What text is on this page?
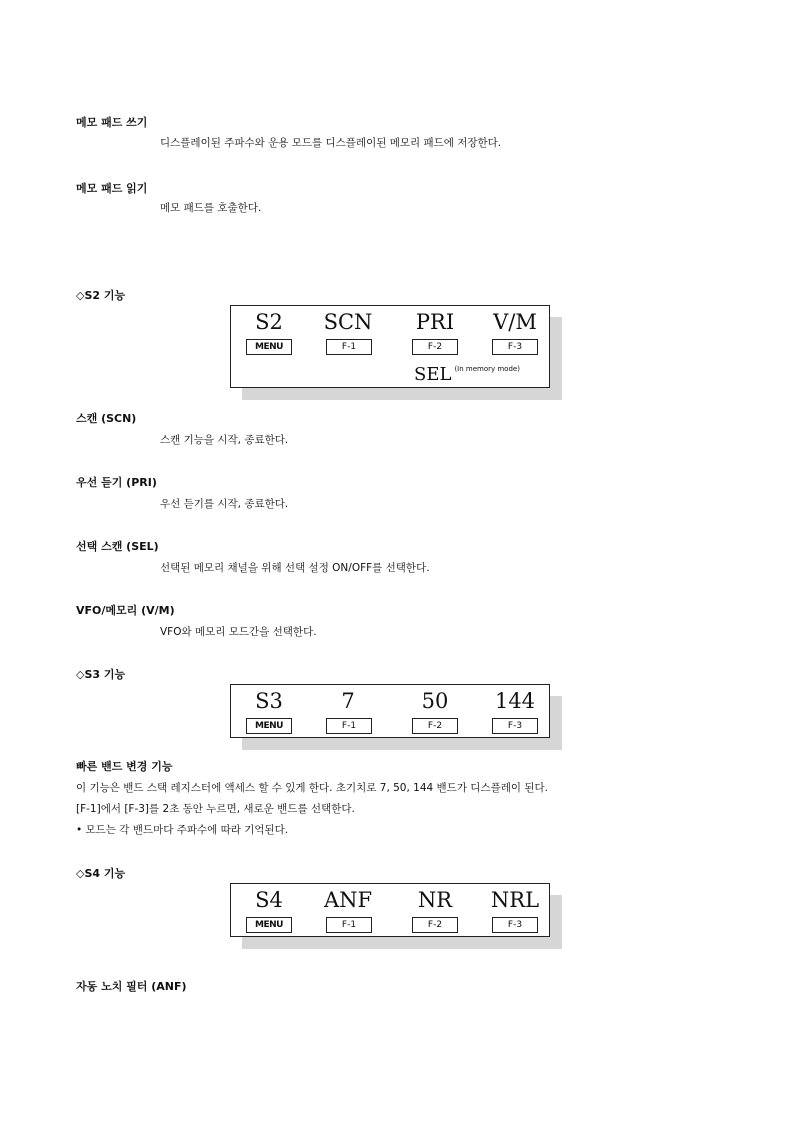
메모 패드 쓰기
디스플레이된 주파수와 운용 모드를 디스플레이된 메모리 패드에 저장한다.
메모 패드 읽기
메모 패드를 호출한다.
◇S2 기능
S2 SCN PRI V/M
MENU	F-1	F-2	F-3
SEL $^{(In memory mode)}$
스캔 (SCN)
스캔 기능을 시작, 종료한다.
우선 듣기 (PRI)
우선 듣기를 시작, 종료한다.
선택 스캔 (SEL)
선택된 메모리 채널을 위해 선택 설정 ON/OFF를 선택한다.
VFO/메모리 (V/M)
VFO와 메모리 모드간을 선택한다.
◇S3 기능
S3	7	50 144
MENU	F-1	F-2	F-3
빠른 밴드 변경 기능
이 기능은 밴드 스택 레지스터에 액세스 할 수 있게 한다. 초기치로 7, 50, 144 밴드가 디스플레이 된다.
[F-1]에서 [F-3]를 2초 동안 누르면, 새로운 밴드를 선택한다.
• 모드는 각 밴드마다 주파수에 따라 기억된다.
◇S4 기능
S4 ANF NR NRL
MENU	F-1	F-2	F-3
자동 노치 필터 (ANF)
